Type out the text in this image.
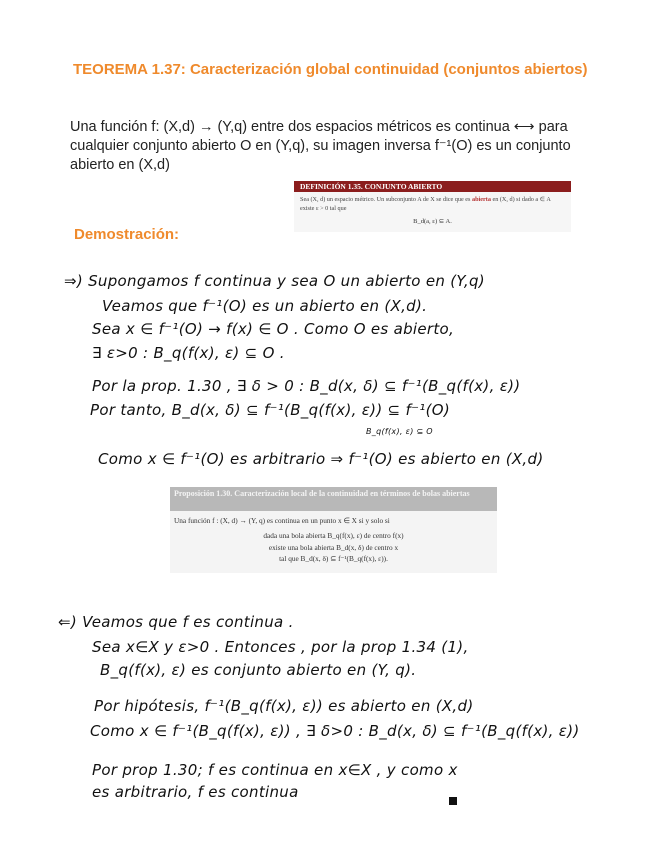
TEOREMA 1.37: Caracterización global continuidad (conjuntos abiertos)
Una función f: (X,d) → (Y,q) entre dos espacios métricos es continua ⟷ para cualquier conjunto abierto O en (Y,q), su imagen inversa f⁻¹(O) es un conjunto abierto en (X,d)
DEFINICIÓN 1.35. CONJUNTO ABIERTO
Sea (X, d) un espacio métrico. Un subconjunto A de X se dice que es abierta en (X, d) si dado a ∈ A existe ε > 0 tal que
B_d(a, ε) ⊆ A.
Demostración:
⇒) Supongamos f continua y sea O un abierto en (Y,q)
Veamos que f⁻¹(O) es un abierto en (X,d).
Sea x ∈ f⁻¹(O) → f(x) ∈ O . Como O es abierto,
∃ ε>0 : B_q(f(x), ε) ⊆ O .
Por la prop. 1.30 , ∃ δ > 0 : B_d(x, δ) ⊆ f⁻¹(B_q(f(x), ε))
Por tanto, B_d(x, δ) ⊆ f⁻¹(B_q(f(x), ε)) ⊆ f⁻¹(O)
B_q(f(x), ε) ⊆ O
Como x ∈ f⁻¹(O) es arbitrario ⇒ f⁻¹(O) es abierto en (X,d)
Proposición 1.30. Caracterización local de la continuidad en términos de bolas abiertas
Una función f : (X, d) → (Y, q) es continua en un punto x ∈ X si y solo si
dada una bola abierta B_q(f(x), ε) de centro f(x)
existe una bola abierta B_d(x, δ) de centro x
tal que B_d(x, δ) ⊆ f⁻¹(B_q(f(x), ε)).
⇐) Veamos que f es continua .
Sea x∈X y ε>0 . Entonces , por la prop 1.34 (1),
B_q(f(x), ε) es conjunto abierto en (Y, q).
Por hipótesis, f⁻¹(B_q(f(x), ε)) es abierto en (X,d)
Como x ∈ f⁻¹(B_q(f(x), ε)) , ∃ δ>0 : B_d(x, δ) ⊆ f⁻¹(B_q(f(x), ε))
Por prop 1.30; f es continua en x∈X , y como x
es arbitrario, f es continua
